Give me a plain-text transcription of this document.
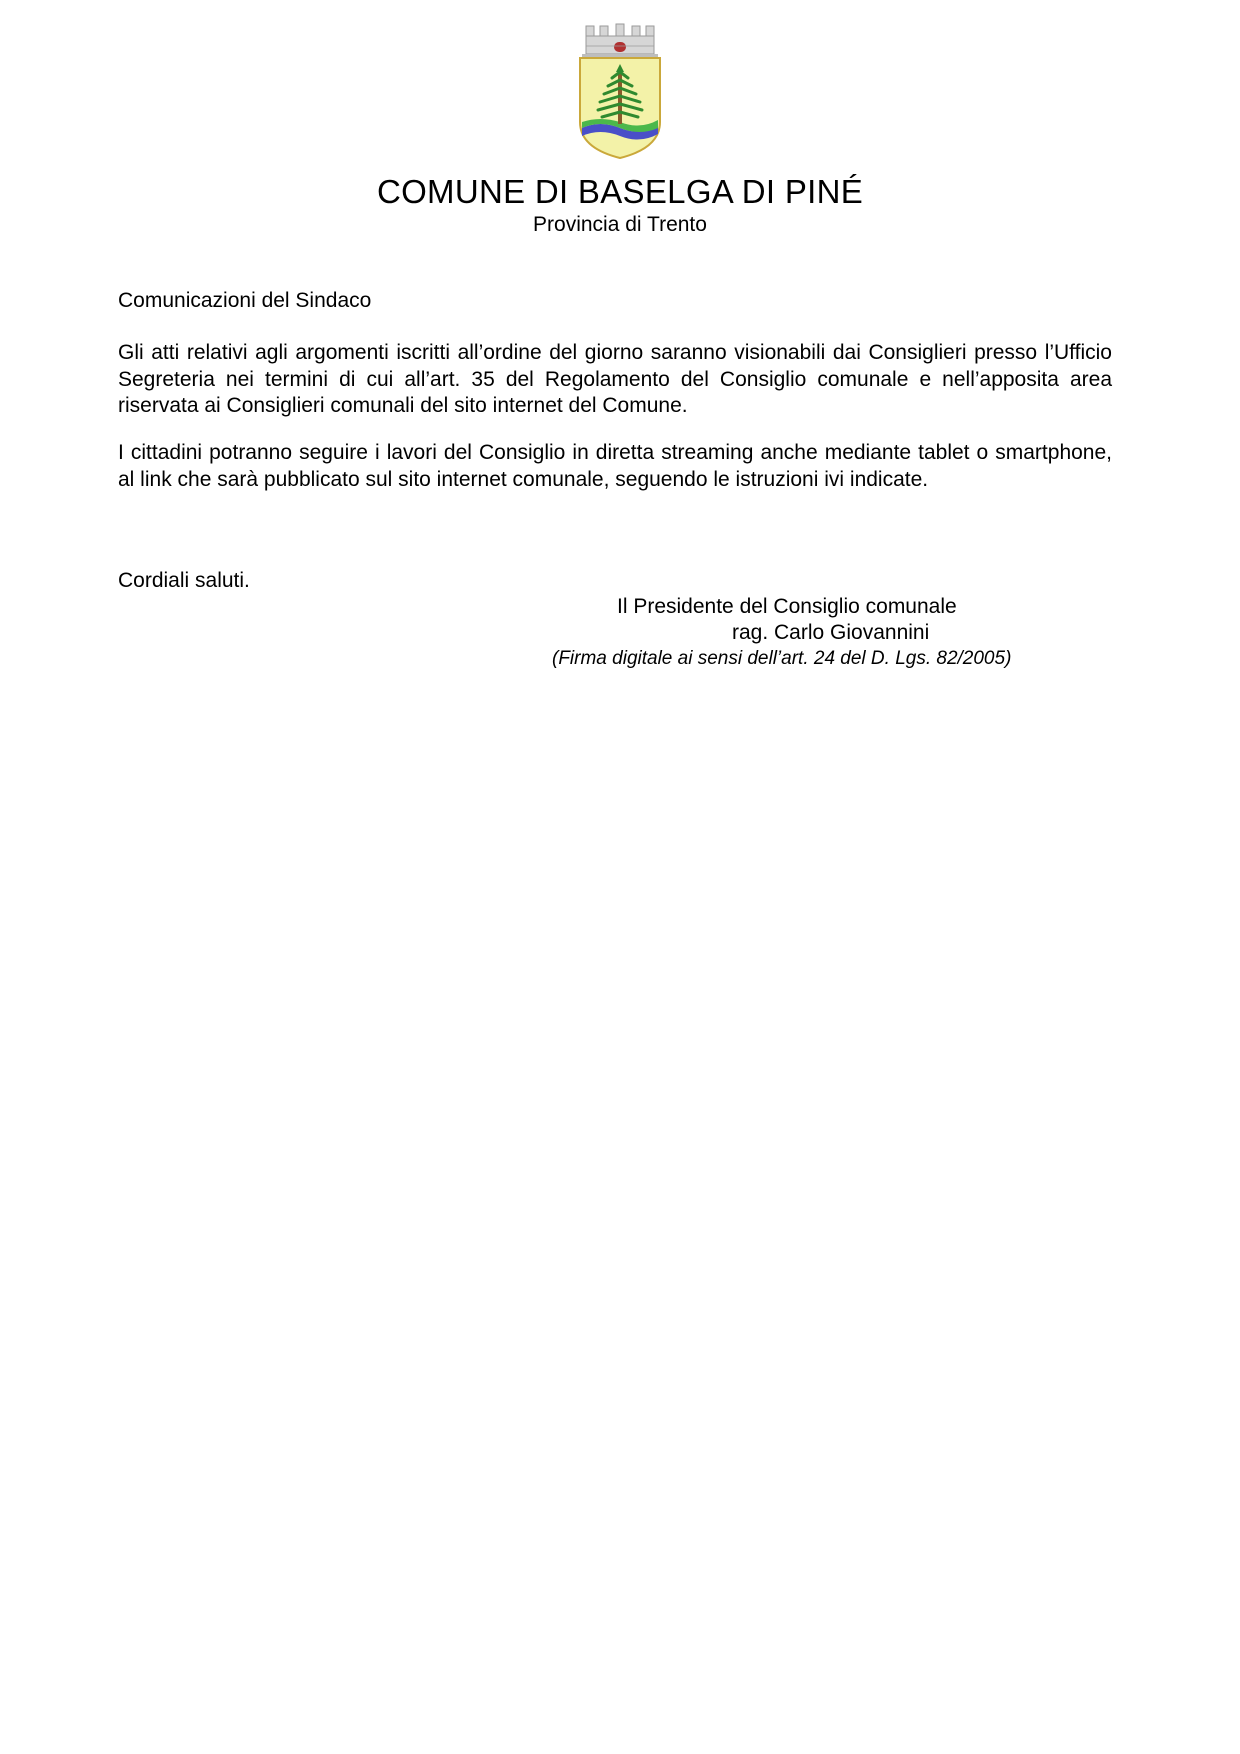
COMUNE DI BASELGA DI PINÉ
Provincia di Trento
Comunicazioni del Sindaco

Gli atti relativi agli argomenti iscritti all’ordine del giorno saranno visionabili dai Consiglieri presso l’Ufficio Segreteria nei termini di cui all’art. 35 del Regolamento del Consiglio comunale e nell’apposita area riservata ai Consiglieri comunali del sito internet del Comune.

I cittadini potranno seguire i lavori del Consiglio in diretta streaming anche mediante tablet o smartphone, al link che sarà pubblicato sul sito internet comunale, seguendo le istruzioni ivi indicate.

Cordiali saluti.
Il Presidente del Consiglio comunale
rag. Carlo Giovannini
(Firma digitale ai sensi dell’art. 24 del D. Lgs. 82/2005)
